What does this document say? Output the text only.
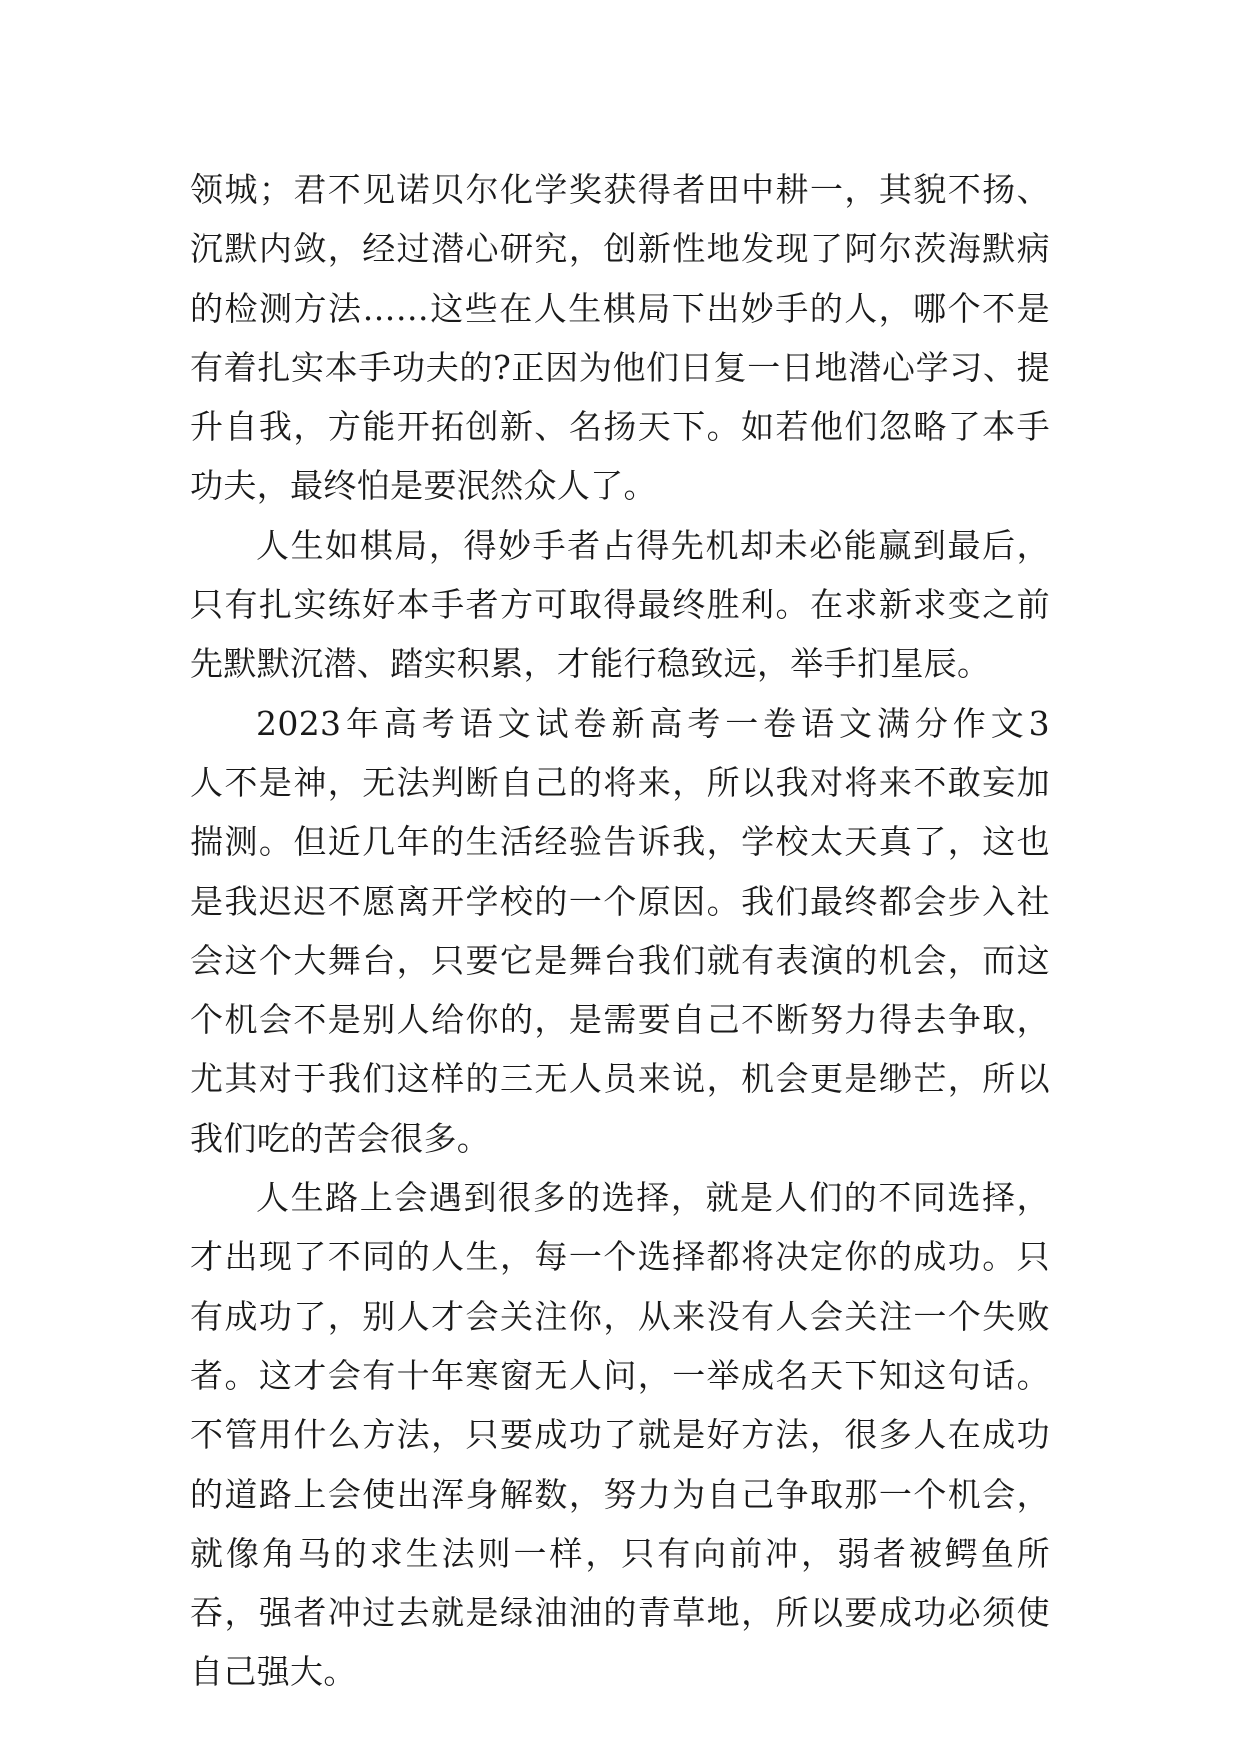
领城；君不见诺贝尔化学奖获得者田中耕一，其貌不扬、沉默内敛，经过潜心研究，创新性地发现了阿尔茨海默病的检测方法……这些在人生棋局下出妙手的人，哪个不是有着扎实本手功夫的?正因为他们日复一日地潜心学习、提升自我，方能开拓创新、名扬天下。如若他们忽略了本手功夫，最终怕是要泯然众人了。

人生如棋局，得妙手者占得先机却未必能赢到最后，只有扎实练好本手者方可取得最终胜利。在求新求变之前先默默沉潜、踏实积累，才能行稳致远，举手扪星辰。

2023年高考语文试卷新高考一卷语文满分作文3　　人不是神，无法判断自己的将来，所以我对将来不敢妄加揣测。但近几年的生活经验告诉我，学校太天真了，这也是我迟迟不愿离开学校的一个原因。我们最终都会步入社会这个大舞台，只要它是舞台我们就有表演的机会，而这个机会不是别人给你的，是需要自己不断努力得去争取，尤其对于我们这样的三无人员来说，机会更是缈芒，所以我们吃的苦会很多。

人生路上会遇到很多的选择，就是人们的不同选择，才出现了不同的人生，每一个选择都将决定你的成功。只有成功了，别人才会关注你，从来没有人会关注一个失败者。这才会有十年寒窗无人问，一举成名天下知这句话。不管用什么方法，只要成功了就是好方法，很多人在成功的道路上会使出浑身解数，努力为自己争取那一个机会，就像角马的求生法则一样，只有向前冲，弱者被鳄鱼所吞，强者冲过去就是绿油油的青草地，所以要成功必须使自己强大。
